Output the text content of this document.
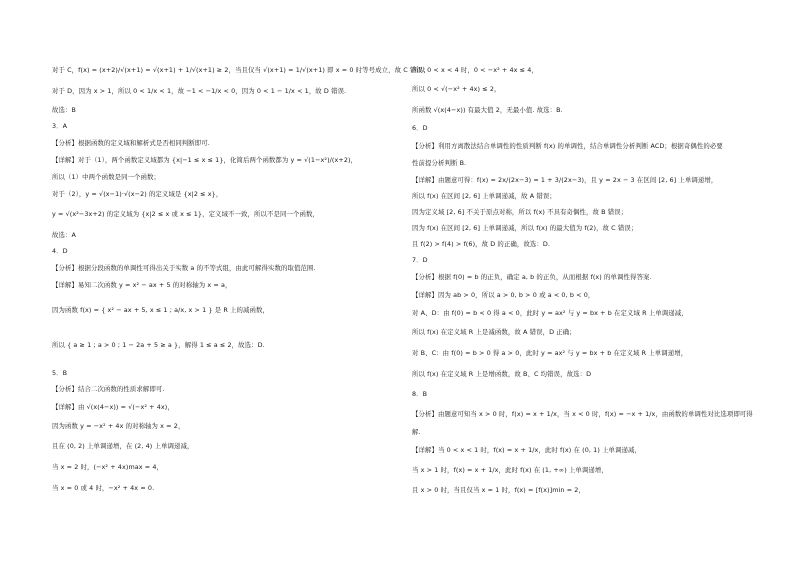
对于 C，f(x) = (x+2)/√(x+1) = √(x+1) + 1/√(x+1) ≥ 2，当且仅当 √(x+1) = 1/√(x+1) 即 x = 0 时等号成立，故 C 错误；
对于 D，因为 x > 1，所以 0 < 1/x < 1，故 −1 < −1/x < 0，因为 0 < 1 − 1/x < 1，故 D 错误.
故选：B
3．A
【分析】根据函数的定义域和解析式是否相同判断即可.
【详解】对于（1），两个函数定义域都为 {x|−1 ≤ x ≤ 1}，化简后两个函数都为 y = √(1−x²)/(x+2)，
所以（1）中两个函数是同一个函数；
对于（2），y = √(x−1)·√(x−2) 的定义域是 {x|2 ≤ x}，
y = √(x²−3x+2) 的定义域为 {x|2 ≤ x 或 x ≤ 1}，定义域不一致，所以不是同一个函数，
故选：A
4．D
【分析】根据分段函数的单调性可得出关于实数 a 的不等式组，由此可解得实数的取值范围.
【详解】易知二次函数 y = x² − ax + 5 的对称轴为 x = a，
因为函数 f(x) = { x² − ax + 5, x ≤ 1 ; a/x, x > 1 } 是 R 上的减函数，
所以 { a ≥ 1 ; a > 0 ; 1 − 2a + 5 ≥ a }，解得 1 ≤ a ≤ 2，故选：D.
5．B
【分析】结合二次函数的性质求解即可.
【详解】由 √(x(4−x)) = √(−x² + 4x)，
因为函数 y = −x² + 4x 的对称轴为 x = 2，
且在 (0, 2) 上单调递增，在 (2, 4) 上单调递减，
当 x = 2 时，(−x² + 4x)max = 4，
当 x = 0 或 4 时，−x² + 4x = 0.
所以 0 < x < 4 时，0 < −x² + 4x ≤ 4，
所以 0 < √(−x² + 4x) ≤ 2，
所函数 √(x(4−x)) 有最大值 2，无最小值. 故选：B.
6．D
【分析】利用方离散法结合单调性的性质判断 f(x) 的单调性，结合单调性分析判断 ACD；根据奇偶性的必要
性前提分析判断 B.
【详解】由题意可得：f(x) = 2x/(2x−3) = 1 + 3/(2x−3)，且 y = 2x − 3 在区间 [2, 6] 上单调递增，
所以 f(x) 在区间 [2, 6] 上单调递减，故 A 错误；
因为定义域 [2, 6] 不关于原点对称，所以 f(x) 不具有奇偶性，故 B 错误；
因为 f(x) 在区间 [2, 6] 上单调递减，所以 f(x) 的最大值为 f(2)，故 C 错误；
且 f(2) > f(4) > f(6)，故 D 的正确，故选：D.
7．D
【分析】根据 f(0) = b 的正负，确定 a, b 的正负，从而根据 f(x) 的单调性得答案.
【详解】因为 ab > 0，所以 a > 0, b > 0 或 a < 0, b < 0，
对 A、D：由 f(0) = b < 0 得 a < 0，此时 y = ax² 与 y = bx + b 在定义域 R 上单调递减，
所以 f(x) 在定义域 R 上是减函数，故 A 错误，D 正确；
对 B、C：由 f(0) = b > 0 得 a > 0，此时 y = ax² 与 y = bx + b 在定义域 R 上单调递增，
所以 f(x) 在定义域 R 上是增函数，故 B、C 均错误，故选：D
8．B
【分析】由题意可知当 x > 0 时，f(x) = x + 1/x，当 x < 0 时，f(x) = −x + 1/x，由函数的单调性对比选项即可得
解.
【详解】当 0 < x < 1 时，f(x) = x + 1/x，此时 f(x) 在 (0, 1) 上单调递减，
当 x > 1 时，f(x) = x + 1/x，此时 f(x) 在 (1, +∞) 上单调递增，
且 x > 0 时，当且仅当 x = 1 时，f(x) = [f(x)]min = 2，
